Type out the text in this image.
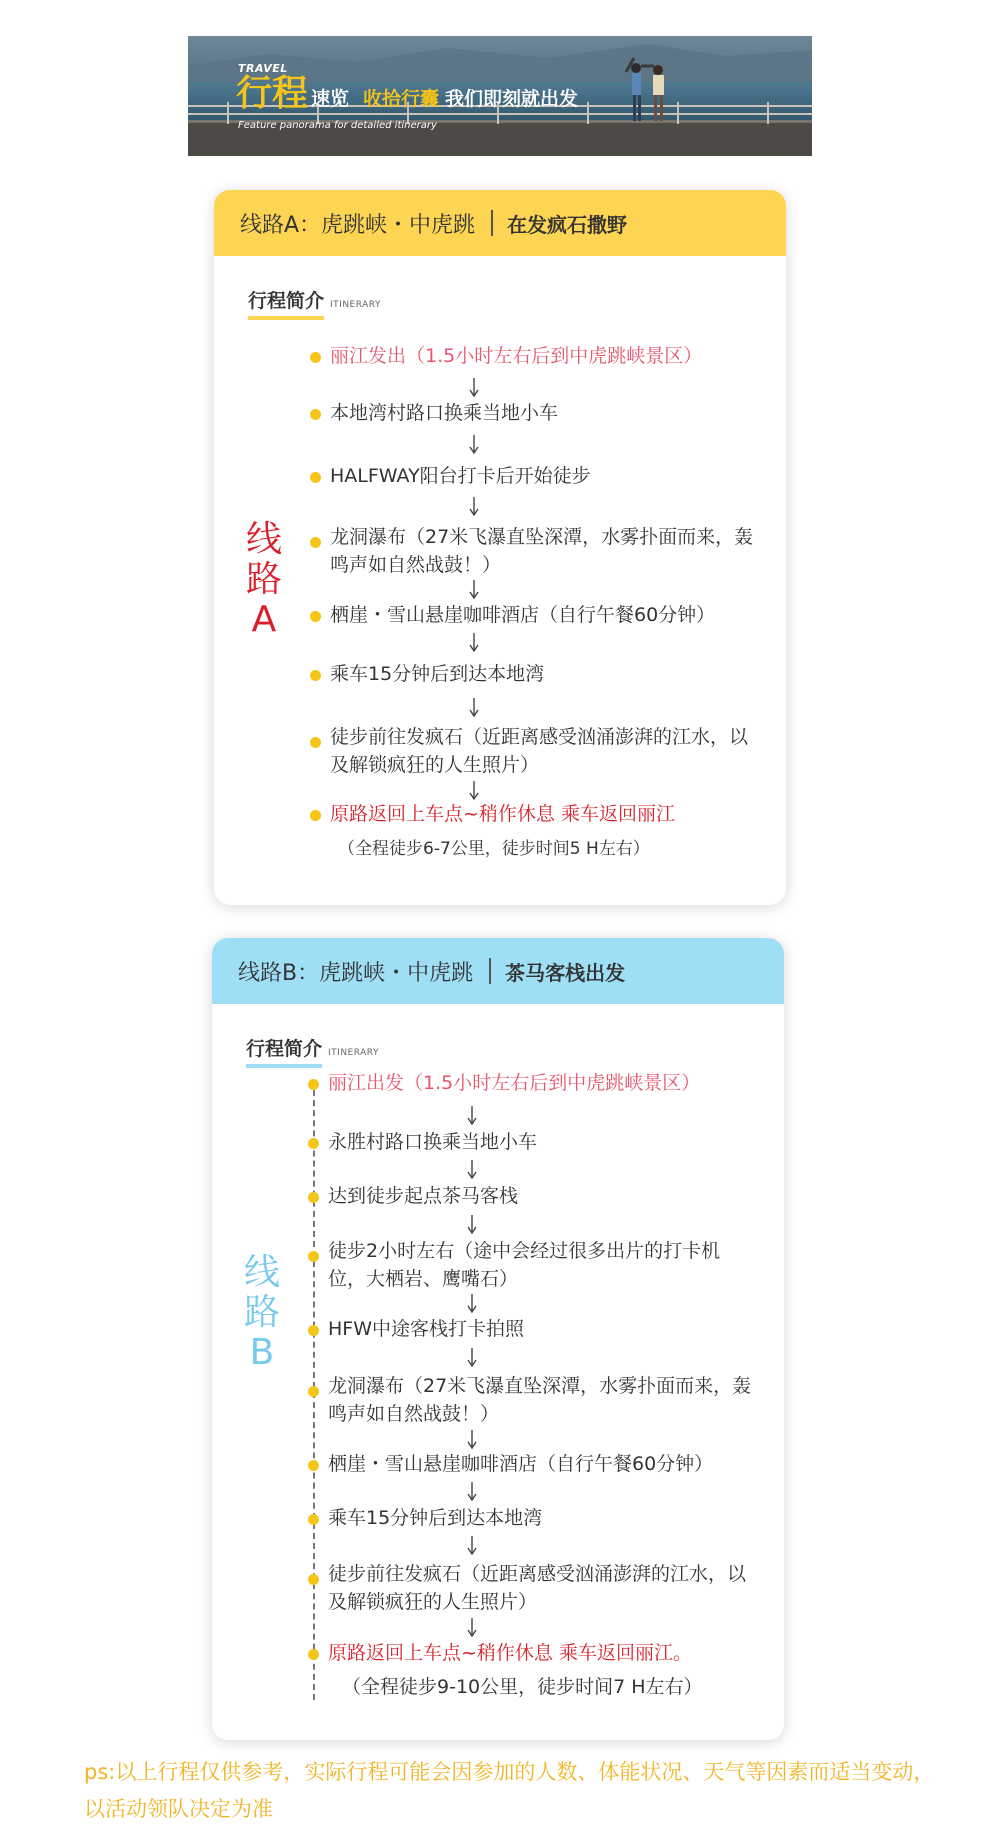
TRAVEL
行程 速览 收拾行囊 我们即刻就出发
Feature panorama for detailed itinerary
线路A：虎跳峡・中虎跳 在发疯石撒野
行程简介 ITINERARY
线
路
A
丽江发出（1.5小时左右后到中虎跳峡景区）
本地湾村路口换乘当地小车
HALFWAY阳台打卡后开始徒步
龙洞瀑布（27米飞瀑直坠深潭，水雾扑面而来，轰鸣声如自然战鼓！）
栖崖・雪山悬崖咖啡酒店（自行午餐60分钟）
乘车15分钟后到达本地湾
徒步前往发疯石（近距离感受汹涌澎湃的江水，以及解锁疯狂的人生照片）
原路返回上车点~稍作休息 乘车返回丽江
（全程徒步6-7公里，徒步时间5 H左右）
线路B：虎跳峡・中虎跳 茶马客栈出发
行程简介 ITINERARY
线
路
B
丽江出发（1.5小时左右后到中虎跳峡景区）
永胜村路口换乘当地小车
达到徒步起点茶马客栈
徒步2小时左右（途中会经过很多出片的打卡机位，大栖岩、鹰嘴石）
HFW中途客栈打卡拍照
龙洞瀑布（27米飞瀑直坠深潭，水雾扑面而来，轰鸣声如自然战鼓！）
栖崖・雪山悬崖咖啡酒店（自行午餐60分钟）
乘车15分钟后到达本地湾
徒步前往发疯石（近距离感受汹涌澎湃的江水，以及解锁疯狂的人生照片）
原路返回上车点~稍作休息 乘车返回丽江。
（全程徒步9-10公里，徒步时间7 H左右）
ps:以上行程仅供参考，实际行程可能会因参加的人数、体能状况、天气等因素而适当变动，以活动领队决定为准
